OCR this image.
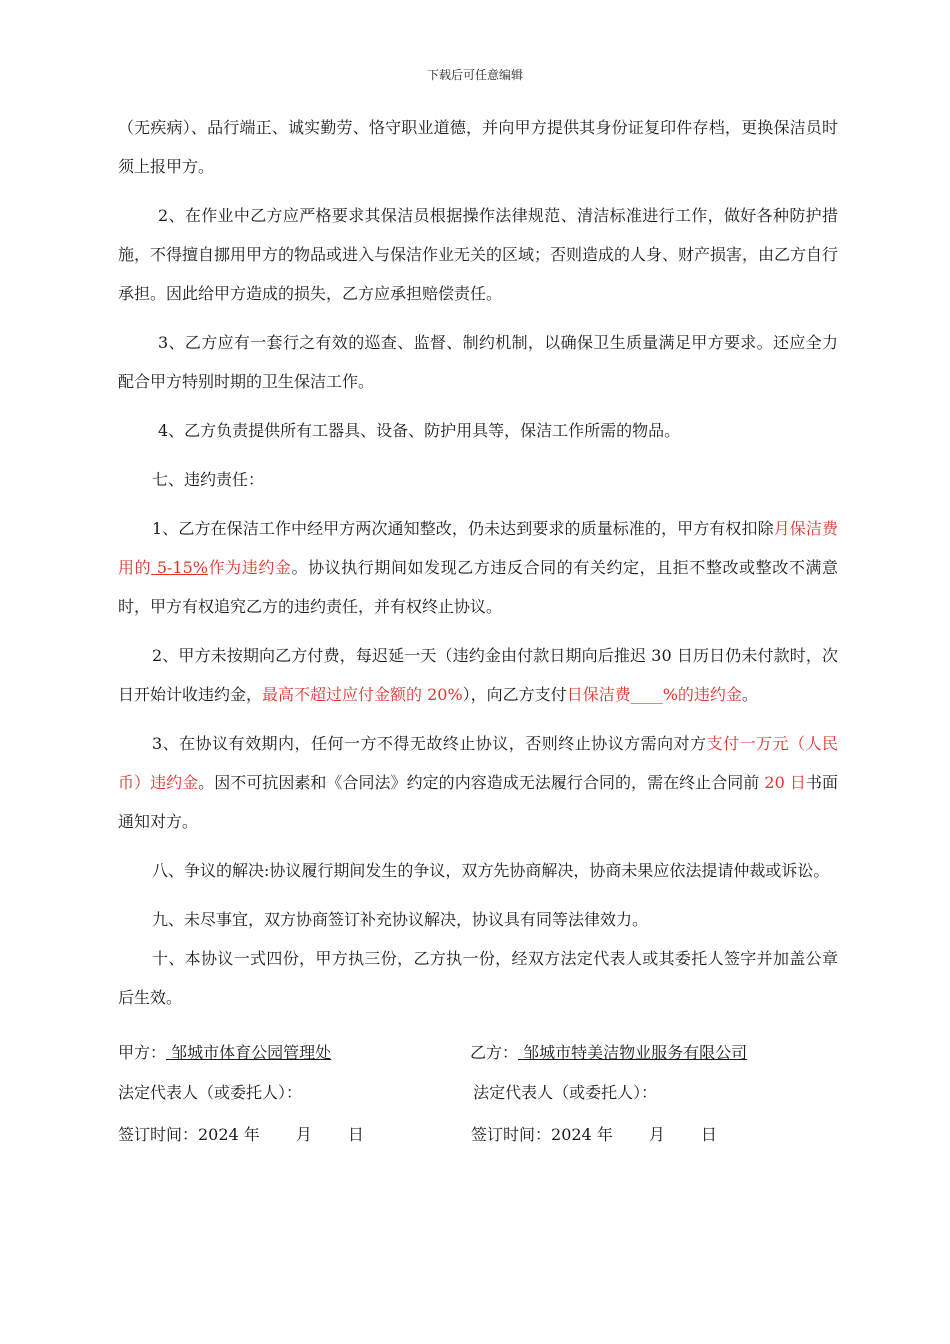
下载后可任意编辑

（无疾病）、品行端正、诚实勤劳、恪守职业道德，并向甲方提供其身份证复印件存档，更换保洁员时须上报甲方。

2、在作业中乙方应严格要求其保洁员根据操作法律规范、清洁标准进行工作，做好各种防护措施，不得擅自挪用甲方的物品或进入与保洁作业无关的区域；否则造成的人身、财产损害，由乙方自行承担。因此给甲方造成的损失，乙方应承担赔偿责任。

3、乙方应有一套行之有效的巡查、监督、制约机制，以确保卫生质量满足甲方要求。还应全力配合甲方特别时期的卫生保洁工作。

4、乙方负责提供所有工器具、设备、防护用具等，保洁工作所需的物品。

七、违约责任：

1、乙方在保洁工作中经甲方两次通知整改，仍未达到要求的质量标准的，甲方有权扣除月保洁费用的 5-15%作为违约金。协议执行期间如发现乙方违反合同的有关约定，且拒不整改或整改不满意时，甲方有权追究乙方的违约责任，并有权终止协议。

2、甲方未按期向乙方付费，每迟延一天（违约金由付款日期向后推迟 30 日历日仍未付款时，次日开始计收违约金，最高不超过应付金额的 20%），向乙方支付日保洁费____%的违约金。

3、在协议有效期内，任何一方不得无故终止协议，否则终止协议方需向对方支付一万元（人民币）违约金。因不可抗因素和《合同法》约定的内容造成无法履行合同的，需在终止合同前 20 日书面通知对方。

八、争议的解决:协议履行期间发生的争议，双方先协商解决，协商未果应依法提请仲裁或诉讼。

九、未尽事宜，双方协商签订补充协议解决，协议具有同等法律效力。

十、本协议一式四份，甲方执三份，乙方执一份，经双方法定代表人或其委托人签字并加盖公章后生效。

甲方： 邹城市体育公园管理处	乙方： 邹城市特美洁物业服务有限公司
法定代表人（或委托人）：	法定代表人（或委托人）：
签订时间：2024 年 月 日	签订时间：2024 年 月 日
